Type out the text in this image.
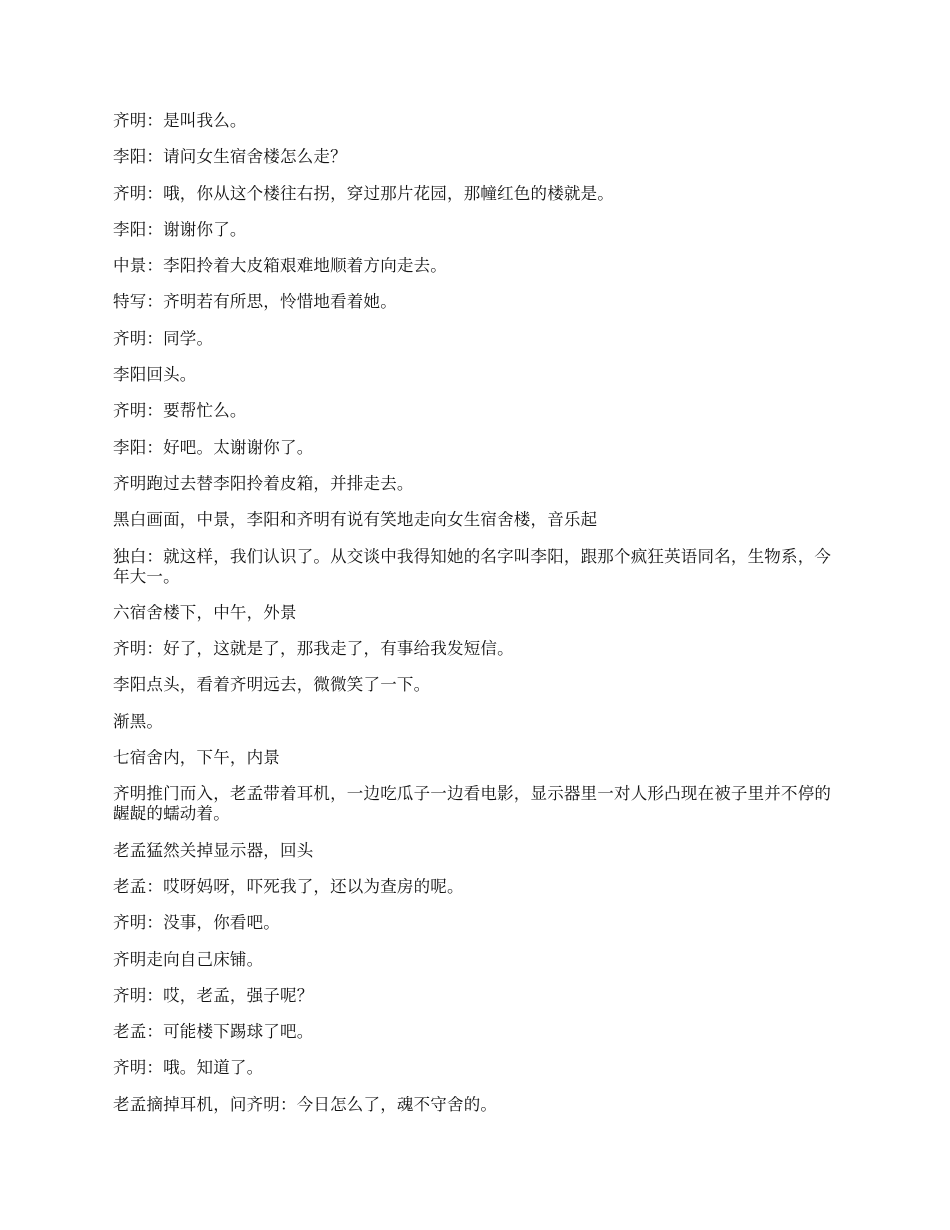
齐明：是叫我么。

李阳：请问女生宿舍楼怎么走？

齐明：哦，你从这个楼往右拐，穿过那片花园，那幢红色的楼就是。

李阳：谢谢你了。

中景：李阳拎着大皮箱艰难地顺着方向走去。

特写：齐明若有所思，怜惜地看着她。

齐明：同学。

李阳回头。

齐明：要帮忙么。

李阳：好吧。太谢谢你了。

齐明跑过去替李阳拎着皮箱，并排走去。

黑白画面，中景，李阳和齐明有说有笑地走向女生宿舍楼，音乐起

独白：就这样，我们认识了。从交谈中我得知她的名字叫李阳，跟那个疯狂英语同名，生物系，今年大一。

六宿舍楼下，中午，外景

齐明：好了，这就是了，那我走了，有事给我发短信。

李阳点头，看着齐明远去，微微笑了一下。

渐黑。

七宿舍内，下午，内景

齐明推门而入，老孟带着耳机，一边吃瓜子一边看电影，显示器里一对人形凸现在被子里并不停的龌龊的蠕动着。

老孟猛然关掉显示器，回头

老孟：哎呀妈呀，吓死我了，还以为查房的呢。

齐明：没事，你看吧。

齐明走向自己床铺。

齐明：哎，老孟，强子呢？

老孟：可能楼下踢球了吧。

齐明：哦。知道了。

老孟摘掉耳机，问齐明：今日怎么了，魂不守舍的。
